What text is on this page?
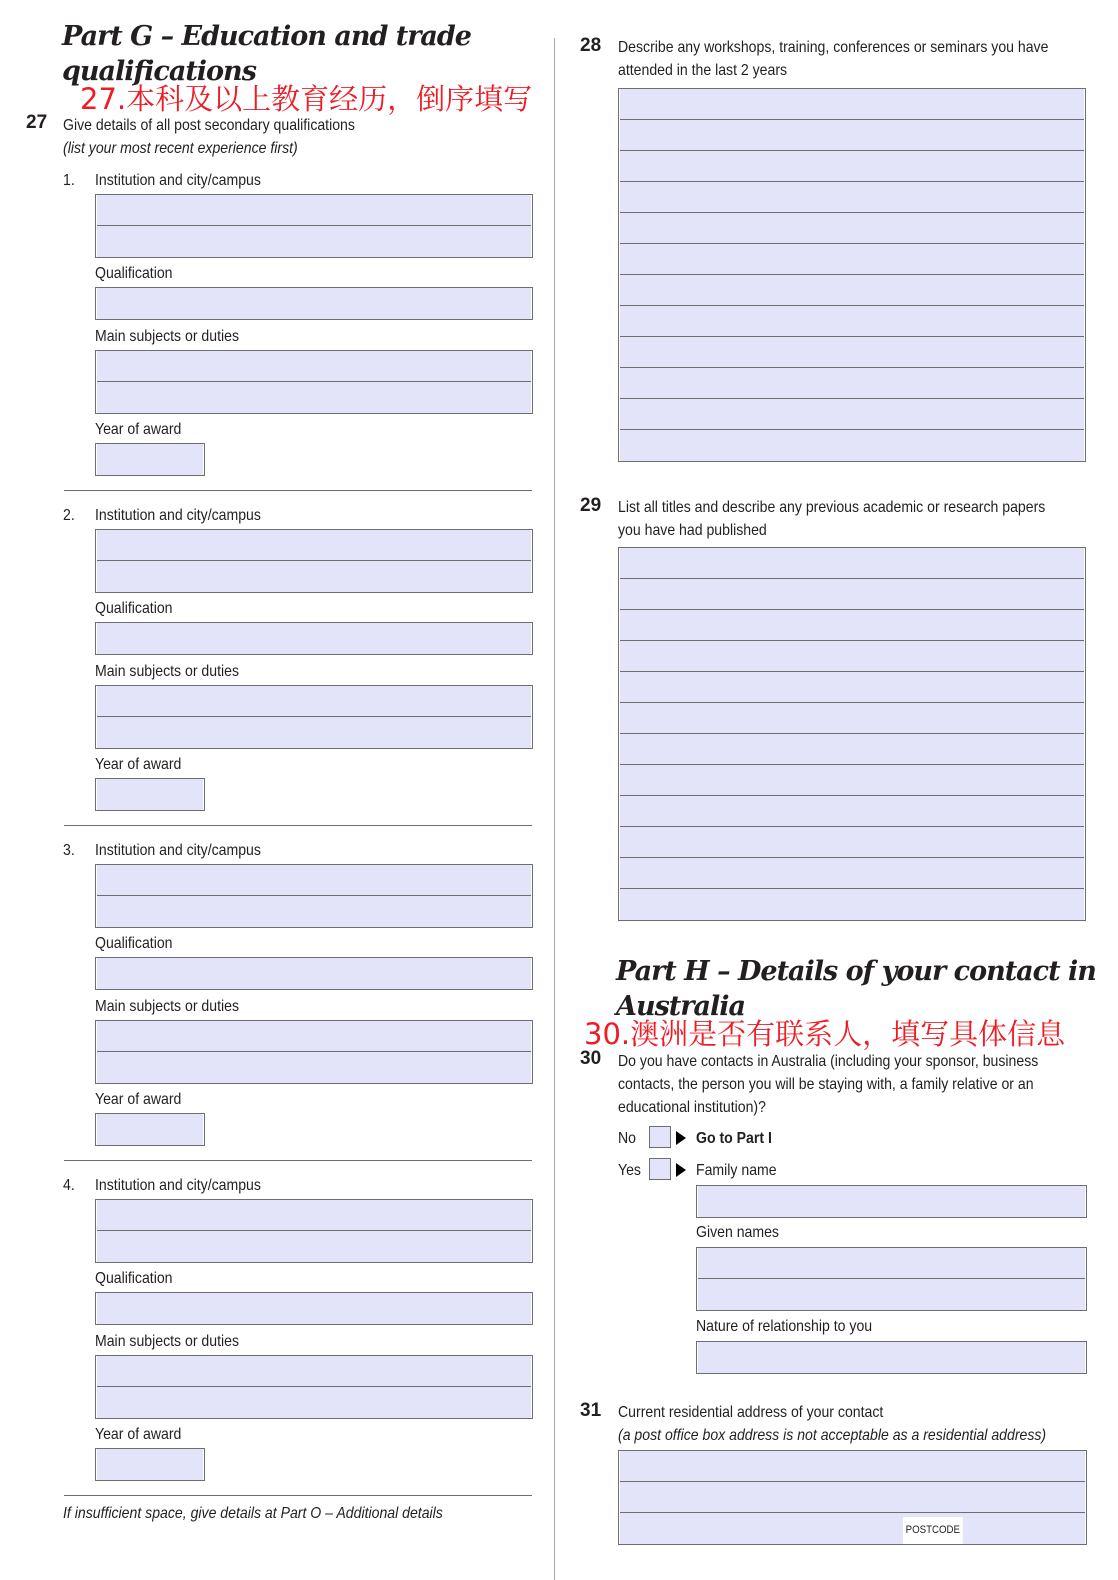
Part G – Education and trade
qualifications
27.本科及以上教育经历，倒序填写
27 Give details of all post secondary qualifications
(list your most recent experience first)
1. Institution and city/campus
Qualification
Main subjects or duties
Year of award
2. Institution and city/campus
Qualification
Main subjects or duties
Year of award
3. Institution and city/campus
Qualification
Main subjects or duties
Year of award
4. Institution and city/campus
Qualification
Main subjects or duties
Year of award
If insufficient space, give details at Part O – Additional details
28 Describe any workshops, training, conferences or seminars you have
attended in the last 2 years
29 List all titles and describe any previous academic or research papers
you have had published
Part H – Details of your contact in
Australia
30.澳洲是否有联系人，填写具体信息
30 Do you have contacts in Australia (including your sponsor, business
contacts, the person you will be staying with, a family relative or an
educational institution)?
No	Go to Part I
Yes	Family name
Given names
Nature of relationship to you
31 Current residential address of your contact
(a post office box address is not acceptable as a residential address)
POSTCODE
